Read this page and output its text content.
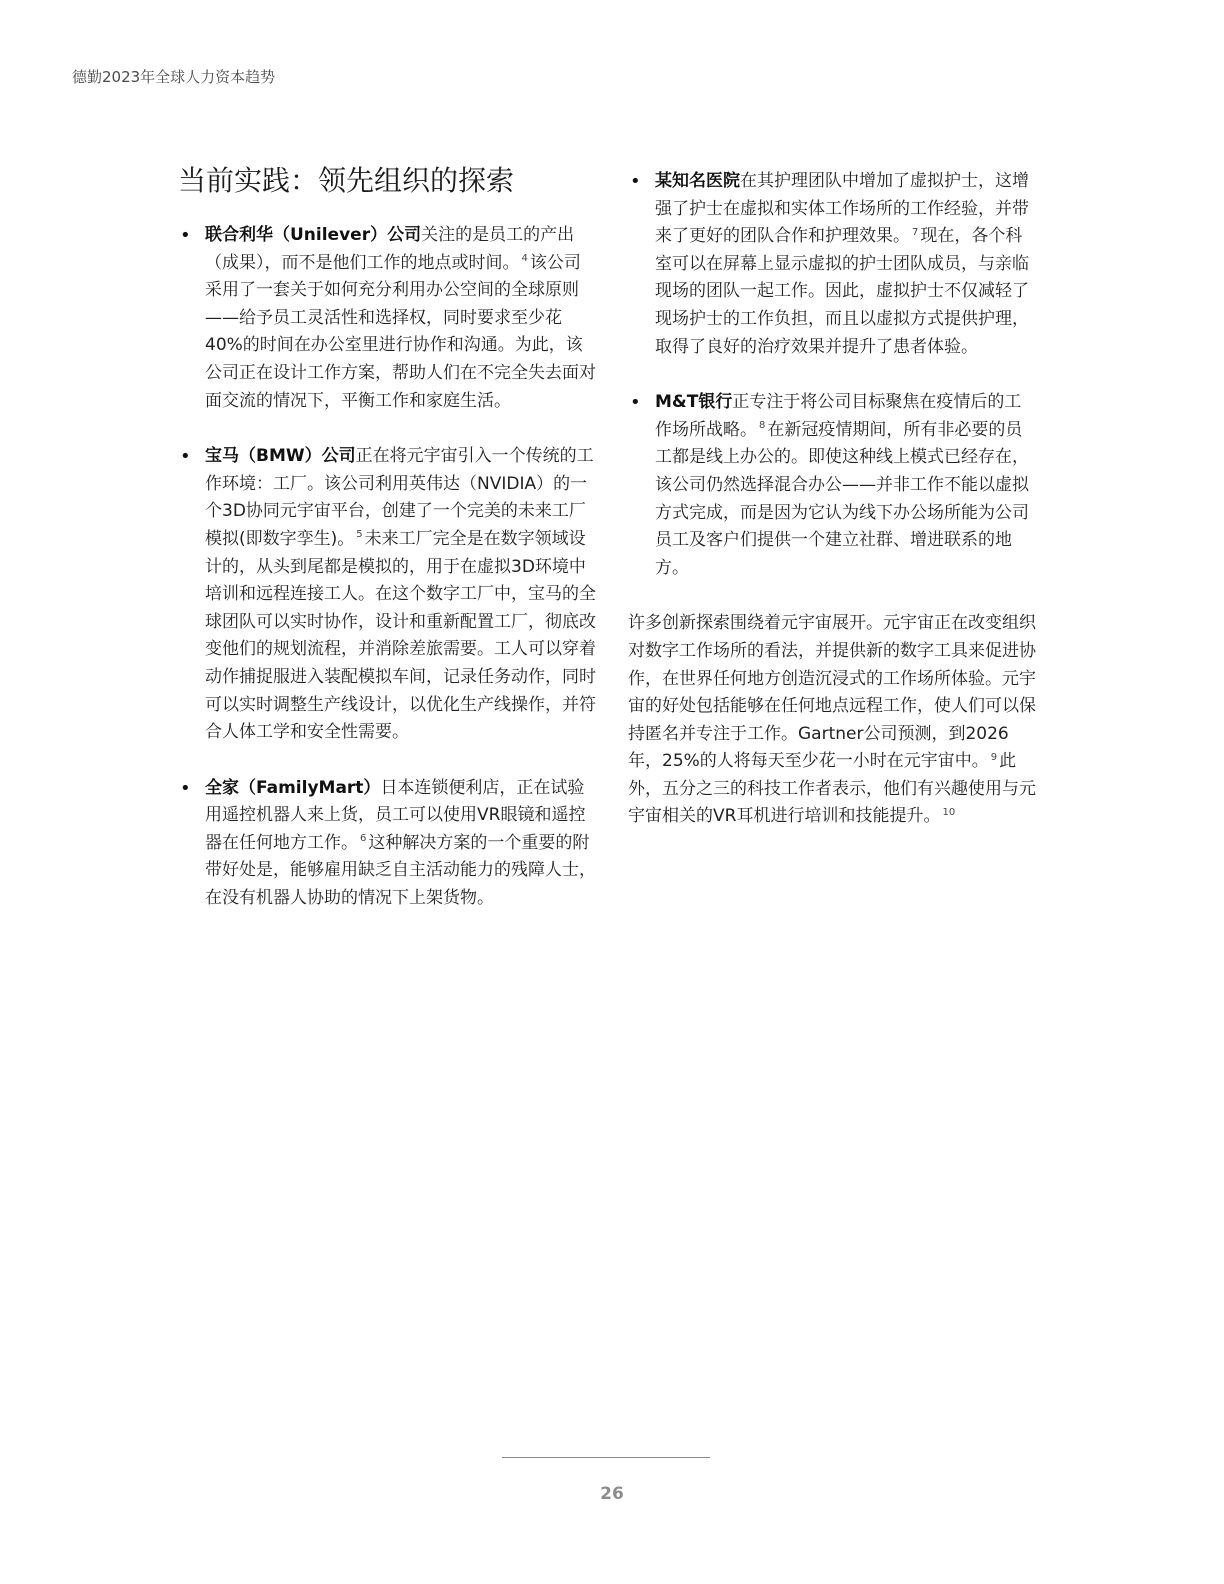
德勤2023年全球人力资本趋势
当前实践：领先组织的探索
• 联合利华（Unilever）公司关注的是员工的产出（成果），而不是他们工作的地点或时间。 $^4$ 该公司采用了一套关于如何充分利用办公空间的全球原则——给予员工灵活性和选择权，同时要求至少花40%的时间在办公室里进行协作和沟通。为此，该公司正在设计工作方案，帮助人们在不完全失去面对面交流的情况下，平衡工作和家庭生活。
• 宝马（BMW）公司正在将元宇宙引入一个传统的工作环境：工厂。该公司利用英伟达（NVIDIA）的一个3D协同元宇宙平台，创建了一个完美的未来工厂模拟(即数字孪生)。 $^5$ 未来工厂完全是在数字领域设计的，从头到尾都是模拟的，用于在虚拟3D环境中培训和远程连接工人。在这个数字工厂中，宝马的全球团队可以实时协作，设计和重新配置工厂，彻底改变他们的规划流程，并消除差旅需要。工人可以穿着动作捕捉服进入装配模拟车间，记录任务动作，同时可以实时调整生产线设计，以优化生产线操作，并符合人体工学和安全性需要。
• 全家（FamilyMart）日本连锁便利店，正在试验用遥控机器人来上货，员工可以使用VR眼镜和遥控器在任何地方工作。 $^6$ 这种解决方案的一个重要的附带好处是，能够雇用缺乏自主活动能力的残障人士，在没有机器人协助的情况下上架货物。
• 某知名医院在其护理团队中增加了虚拟护士，这增强了护士在虚拟和实体工作场所的工作经验，并带来了更好的团队合作和护理效果。 $^7$ 现在，各个科室可以在屏幕上显示虚拟的护士团队成员，与亲临现场的团队一起工作。因此，虚拟护士不仅减轻了现场护士的工作负担，而且以虚拟方式提供护理，取得了良好的治疗效果并提升了患者体验。
• M&T银行正专注于将公司目标聚焦在疫情后的工作场所战略。 $^8$ 在新冠疫情期间，所有非必要的员工都是线上办公的。即使这种线上模式已经存在，该公司仍然选择混合办公——并非工作不能以虚拟方式完成，而是因为它认为线下办公场所能为公司员工及客户们提供一个建立社群、增进联系的地方。

许多创新探索围绕着元宇宙展开。元宇宙正在改变组织对数字工作场所的看法，并提供新的数字工具来促进协作，在世界任何地方创造沉浸式的工作场所体验。元宇宙的好处包括能够在任何地点远程工作，使人们可以保持匿名并专注于工作。Gartner公司预测，到2026年，25%的人将每天至少花一小时在元宇宙中。 $^9$ 此外，五分之三的科技工作者表示，他们有兴趣使用与元宇宙相关的VR耳机进行培训和技能提升。 $^{10}$

26
